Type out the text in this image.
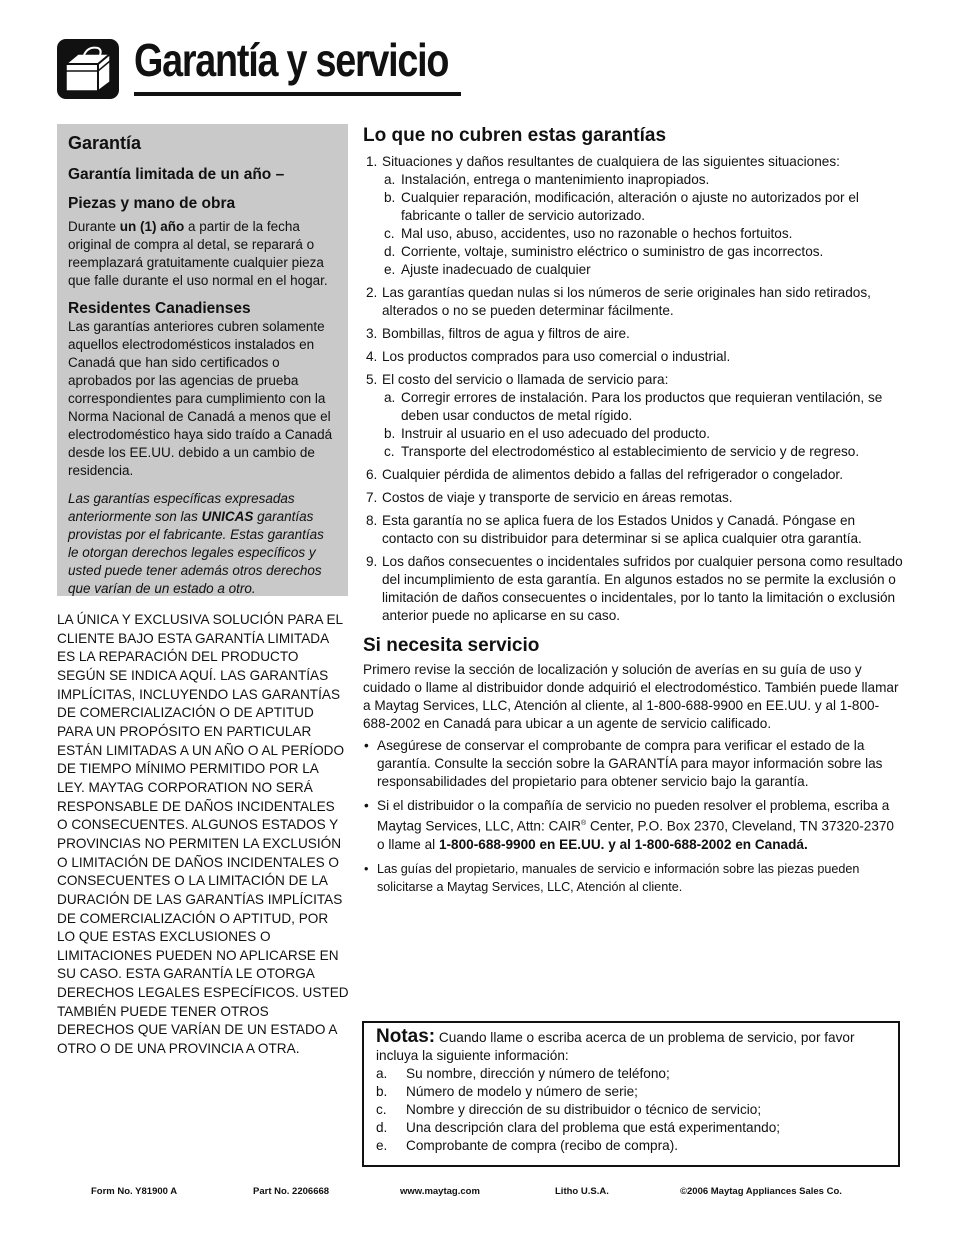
Garantía y servicio
Garantía
Garantía limitada de un año –
Piezas y mano de obra
Durante un (1) año a partir de la fecha original de compra al detal, se reparará o reemplazará gratuitamente cualquier pieza que falle durante el uso normal en el hogar.
Residentes Canadienses
Las garantías anteriores cubren solamente aquellos electrodomésticos instalados en Canadá que han sido certificados o aprobados por las agencias de prueba correspondientes para cumplimiento con la Norma Nacional de Canadá a menos que el electrodoméstico haya sido traído a Canadá desde los EE.UU. debido a un cambio de residencia.
Las garantías específicas expresadas anteriormente son las UNICAS garantías provistas por el fabricante. Estas garantías le otorgan derechos legales específicos y usted puede tener además otros derechos que varían de un estado a otro.
LA ÚNICA Y EXCLUSIVA SOLUCIÓN PARA EL CLIENTE BAJO ESTA GARANTÍA LIMITADA ES LA REPARACIÓN DEL PRODUCTO SEGÚN SE INDICA AQUÍ. LAS GARANTÍAS IMPLÍCITAS, INCLUYENDO LAS GARANTÍAS DE COMERCIALIZACIÓN O DE APTITUD PARA UN PROPÓSITO EN PARTICULAR ESTÁN LIMITADAS A UN AÑO O AL PERÍODO DE TIEMPO MÍNIMO PERMITIDO POR LA LEY. MAYTAG CORPORATION NO SERÁ RESPONSABLE DE DAÑOS INCIDENTALES O CONSECUENTES. ALGUNOS ESTADOS Y PROVINCIAS NO PERMITEN LA EXCLUSIÓN O LIMITACIÓN DE DAÑOS INCIDENTALES O CONSECUENTES O LA LIMITACIÓN DE LA DURACIÓN DE LAS GARANTÍAS IMPLÍCITAS DE COMERCIALIZACIÓN O APTITUD, POR LO QUE ESTAS EXCLUSIONES O LIMITACIONES PUEDEN NO APLICARSE EN SU CASO. ESTA GARANTÍA LE OTORGA DERECHOS LEGALES ESPECÍFICOS. USTED TAMBIÉN PUEDE TENER OTROS DERECHOS QUE VARÍAN DE UN ESTADO A OTRO O DE UNA PROVINCIA A OTRA.
Lo que no cubren estas garantías
1. Situaciones y daños resultantes de cualquiera de las siguientes situaciones:
a. Instalación, entrega o mantenimiento inapropiados.
b. Cualquier reparación, modificación, alteración o ajuste no autorizados por el fabricante o taller de servicio autorizado.
c. Mal uso, abuso, accidentes, uso no razonable o hechos fortuitos.
d. Corriente, voltaje, suministro eléctrico o suministro de gas incorrectos.
e. Ajuste inadecuado de cualquier
2. Las garantías quedan nulas si los números de serie originales han sido retirados, alterados o no se pueden determinar fácilmente.
3. Bombillas, filtros de agua y filtros de aire.
4. Los productos comprados para uso comercial o industrial.
5. El costo del servicio o llamada de servicio para:
a. Corregir errores de instalación. Para los productos que requieran ventilación, se deben usar conductos de metal rígido.
b. Instruir al usuario en el uso adecuado del producto.
c. Transporte del electrodoméstico al establecimiento de servicio y de regreso.
6. Cualquier pérdida de alimentos debido a fallas del refrigerador o congelador.
7. Costos de viaje y transporte de servicio en áreas remotas.
8. Esta garantía no se aplica fuera de los Estados Unidos y Canadá. Póngase en contacto con su distribuidor para determinar si se aplica cualquier otra garantía.
9. Los daños consecuentes o incidentales sufridos por cualquier persona como resultado del incumplimiento de esta garantía. En algunos estados no se permite la exclusión o limitación de daños consecuentes o incidentales, por lo tanto la limitación o exclusión anterior puede no aplicarse en su caso.
Si necesita servicio
Primero revise la sección de localización y solución de averías en su guía de uso y cuidado o llame al distribuidor donde adquirió el electrodoméstico. También puede llamar a Maytag Services, LLC, Atención al cliente, al 1-800-688-9900 en EE.UU. y al 1-800-688-2002 en Canadá para ubicar a un agente de servicio calificado.
• Asegúrese de conservar el comprobante de compra para verificar el estado de la garantía. Consulte la sección sobre la GARANTÍA para mayor información sobre las responsabilidades del propietario para obtener servicio bajo la garantía.
• Si el distribuidor o la compañía de servicio no pueden resolver el problema, escriba a Maytag Services, LLC, Attn: CAIR® Center, P.O. Box 2370, Cleveland, TN 37320-2370 o llame al 1-800-688-9900 en EE.UU. y al 1-800-688-2002 en Canadá.
• Las guías del propietario, manuales de servicio e información sobre las piezas pueden solicitarse a Maytag Services, LLC, Atención al cliente.
Notas: Cuando llame o escriba acerca de un problema de servicio, por favor incluya la siguiente información:
a. Su nombre, dirección y número de teléfono;
b. Número de modelo y número de serie;
c. Nombre y dirección de su distribuidor o técnico de servicio;
d. Una descripción clara del problema que está experimentando;
e. Comprobante de compra (recibo de compra).
Form No. Y81900 A	Part No. 2206668	www.maytag.com	Litho U.S.A.	©2006 Maytag Appliances Sales Co.
